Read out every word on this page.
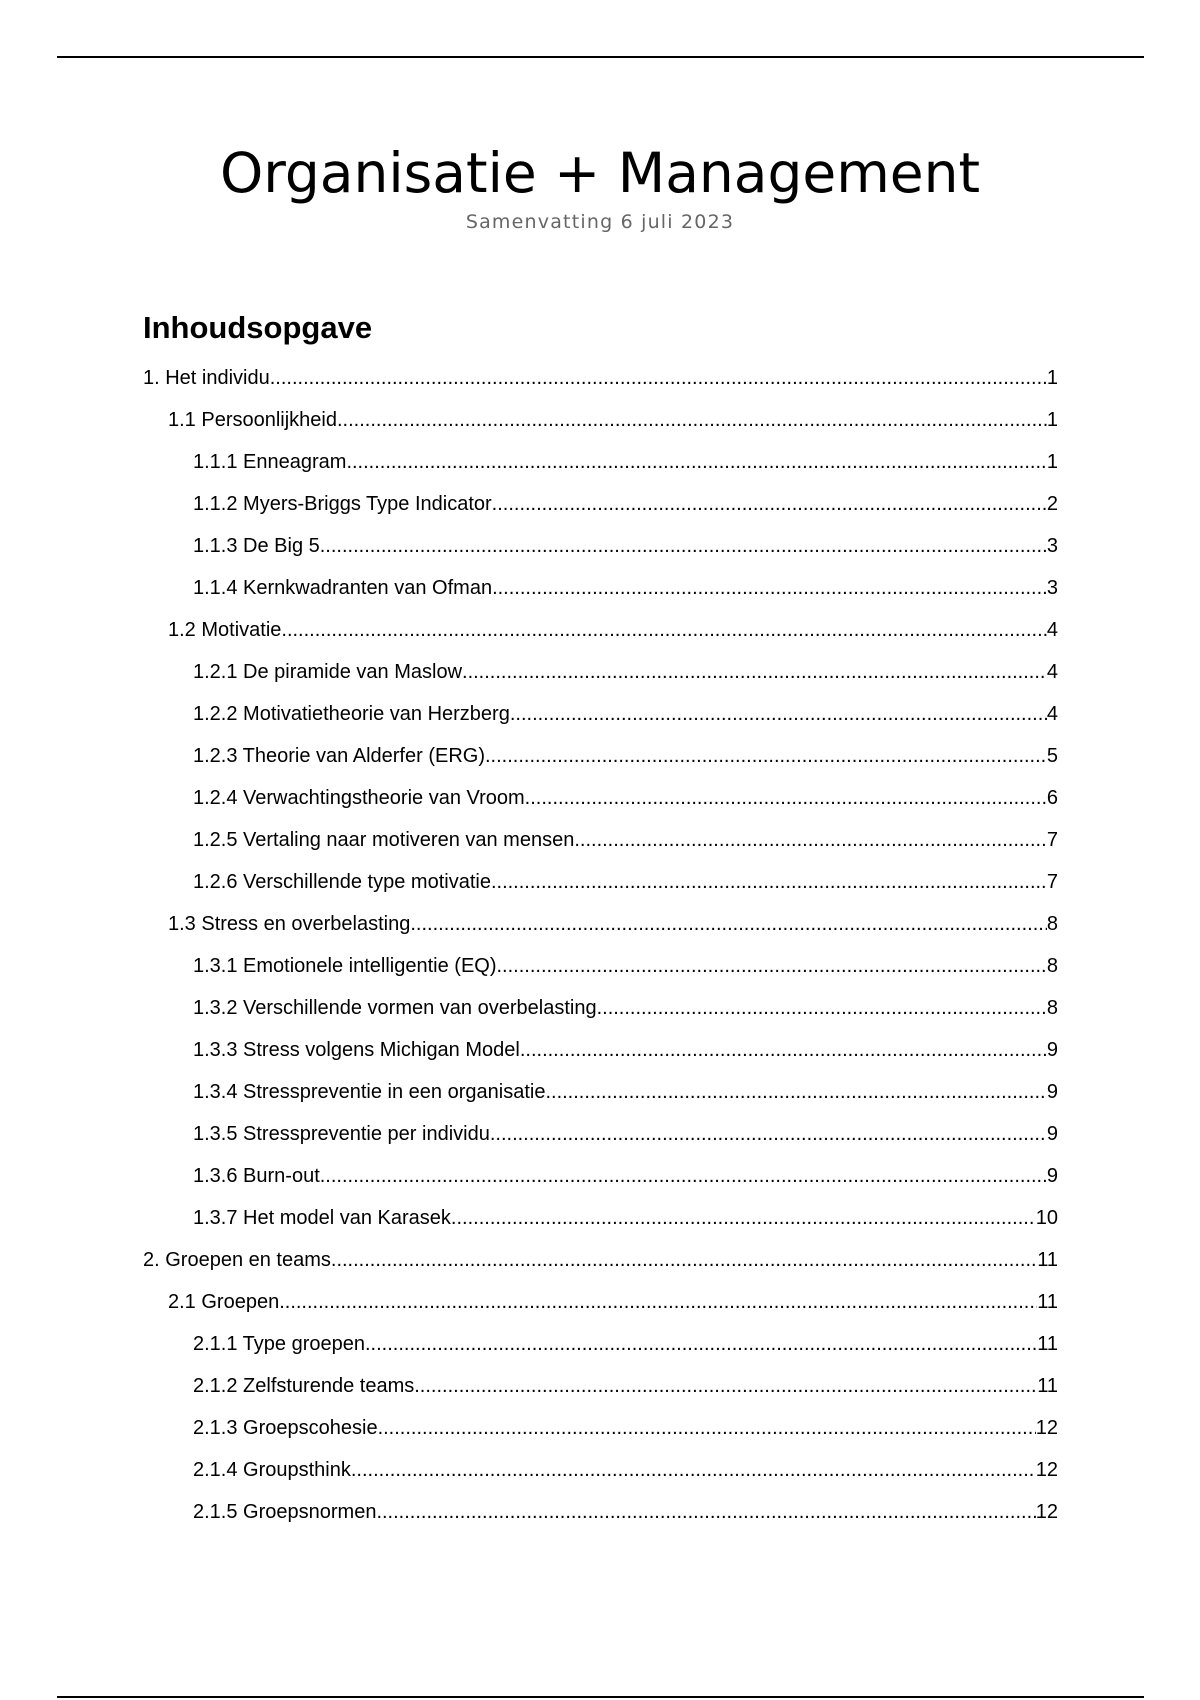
Organisatie + Management
Samenvatting 6 juli 2023
Inhoudsopgave
1. Het individu .....	1
1.1 Persoonlijkheid .....	1
1.1.1 Enneagram .....	1
1.1.2 Myers-Briggs Type Indicator .....	2
1.1.3 De Big 5 .....	3
1.1.4 Kernkwadranten van Ofman .....	3
1.2 Motivatie .....	4
1.2.1 De piramide van Maslow .....	4
1.2.2 Motivatietheorie van Herzberg .....	4
1.2.3 Theorie van Alderfer (ERG) .....	5
1.2.4 Verwachtingstheorie van Vroom .....	6
1.2.5 Vertaling naar motiveren van mensen .....	7
1.2.6 Verschillende type motivatie .....	7
1.3 Stress en overbelasting .....	8
1.3.1 Emotionele intelligentie (EQ) .....	8
1.3.2 Verschillende vormen van overbelasting .....	8
1.3.3 Stress volgens Michigan Model .....	9
1.3.4 Stresspreventie in een organisatie .....	9
1.3.5 Stresspreventie per individu .....	9
1.3.6 Burn-out .....	9
1.3.7 Het model van Karasek .....	10
2. Groepen en teams .....	11
2.1 Groepen .....	11
2.1.1 Type groepen .....	11
2.1.2 Zelfsturende teams .....	11
2.1.3 Groepscohesie .....	12
2.1.4 Groupsthink .....	12
2.1.5 Groepsnormen .....	12
